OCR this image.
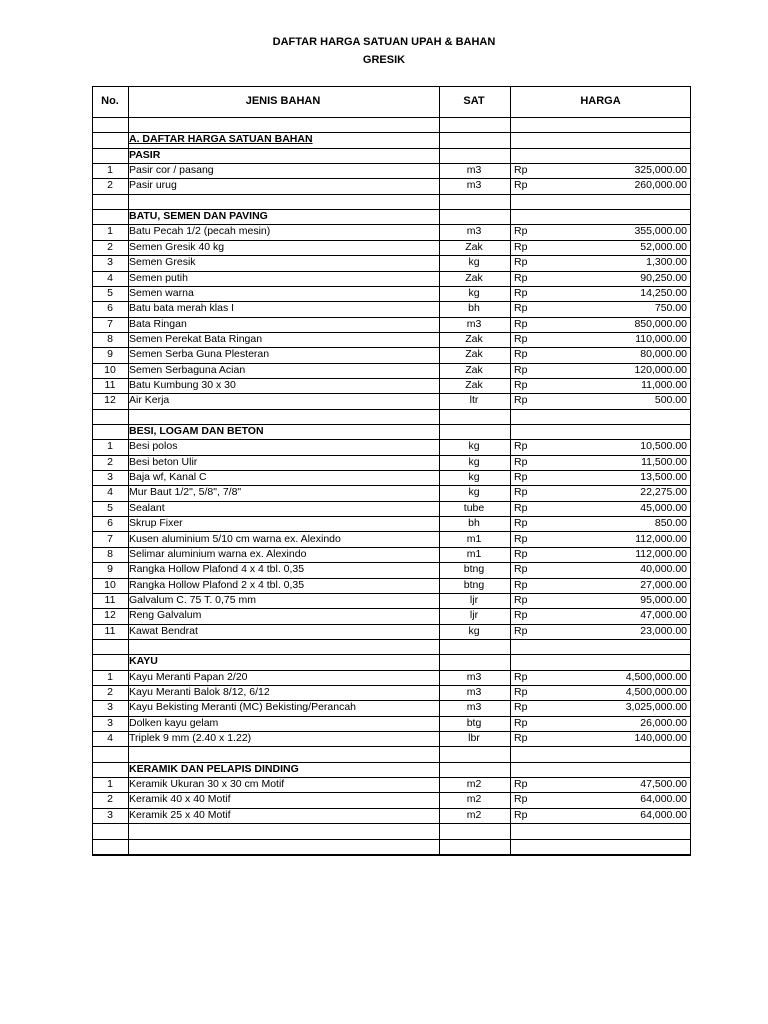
DAFTAR HARGA SATUAN UPAH & BAHAN
GRESIK
No.	JENIS BAHAN	SAT	HARGA
A. DAFTAR HARGA SATUAN BAHAN
PASIR
1	Pasir cor / pasang	m3	Rp	325,000.00
2	Pasir urug	m3	Rp	260,000.00
BATU, SEMEN DAN PAVING
1	Batu Pecah 1/2 (pecah mesin)	m3	Rp	355,000.00
2	Semen Gresik 40 kg	Zak	Rp	52,000.00
3	Semen Gresik	kg	Rp	1,300.00
4	Semen putih	Zak	Rp	90,250.00
5	Semen warna	kg	Rp	14,250.00
6	Batu bata merah klas I	bh	Rp	750.00
7	Bata Ringan	m3	Rp	850,000.00
8	Semen Perekat Bata Ringan	Zak	Rp	110,000.00
9	Semen Serba Guna Plesteran	Zak	Rp	80,000.00
10	Semen Serbaguna Acian	Zak	Rp	120,000.00
11	Batu Kumbung 30 x 30	Zak	Rp	11,000.00
12	Air Kerja	ltr	Rp	500.00
BESI, LOGAM DAN BETON
1	Besi polos	kg	Rp	10,500.00
2	Besi beton Ulir	kg	Rp	11,500.00
3	Baja wf, Kanal C	kg	Rp	13,500.00
4	Mur Baut 1/2", 5/8", 7/8"	kg	Rp	22,275.00
5	Sealant	tube	Rp	45,000.00
6	Skrup Fixer	bh	Rp	850.00
7	Kusen aluminium 5/10 cm warna ex. Alexindo	m1	Rp	112,000.00
8	Selimar aluminium warna ex. Alexindo	m1	Rp	112,000.00
9	Rangka Hollow Plafond 4 x 4 tbl. 0,35	btng	Rp	40,000.00
10	Rangka Hollow Plafond 2 x 4 tbl. 0,35	btng	Rp	27,000.00
11	Galvalum C. 75 T. 0,75 mm	ljr	Rp	95,000.00
12	Reng Galvalum	ljr	Rp	47,000.00
11	Kawat Bendrat	kg	Rp	23,000.00
KAYU
1	Kayu Meranti Papan 2/20	m3	Rp	4,500,000.00
2	Kayu Meranti Balok 8/12, 6/12	m3	Rp	4,500,000.00
3	Kayu Bekisting Meranti (MC) Bekisting/Perancah	m3	Rp	3,025,000.00
3	Dolken kayu gelam	btg	Rp	26,000.00
4	Triplek 9 mm (2.40 x 1.22)	lbr	Rp	140,000.00
KERAMIK DAN PELAPIS DINDING
1	Keramik Ukuran 30 x 30 cm Motif	m2	Rp	47,500.00
2	Keramik 40 x 40 Motif	m2	Rp	64,000.00
3	Keramik 25 x 40 Motif	m2	Rp	64,000.00
